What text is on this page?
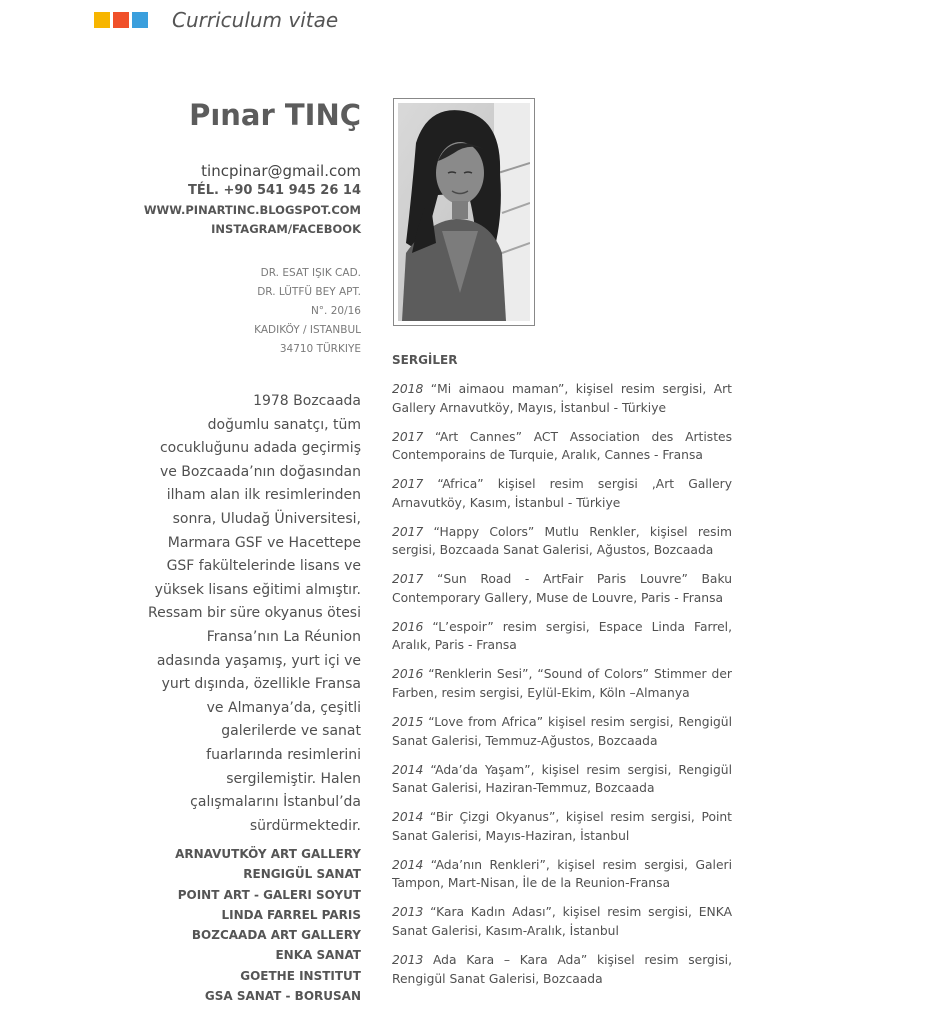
Curriculum vitae
Pınar TINÇ
tincpinar@gmail.com
TÉL. +90 541 945 26 14
WWW.PINARTINC.BLOGSPOT.COM
INSTAGRAM/FACEBOOK
DR. ESAT IŞIK CAD.
DR. LÜTFÜ BEY APT.
N°. 20/16
KADIKÖY / ISTANBUL
34710 TÜRKIYE
1978 Bozcaada
doğumlu sanatçı, tüm
cocukluğunu adada geçirmiş
ve Bozcaada’nın doğasından
ilham alan ilk resimlerinden
sonra, Uludağ Üniversitesi,
Marmara GSF ve Hacettepe
GSF fakültelerinde lisans ve
yüksek lisans eğitimi almıştır.
Ressam bir süre okyanus ötesi
Fransa’nın La Réunion
adasında yaşamış, yurt içi ve
yurt dışında, özellikle Fransa
ve Almanya’da, çeşitli
galerilerde ve sanat
fuarlarında resimlerini
sergilemiştir. Halen
çalışmalarını İstanbul’da
sürdürmektedir.
ARNAVUTKÖY ART GALLERY
RENGIGÜL SANAT
POINT ART - GALERI SOYUT
LINDA FARREL PARIS
BOZCAADA ART GALLERY
ENKA SANAT
GOETHE INSTITUT
GSA SANAT - BORUSAN
SERGİLER
2018 “Mi aimaou maman”, kişisel resim sergisi, Art Gallery Arnavutköy, Mayıs, İstanbul - Türkiye
2017 “Art Cannes” ACT Association des Artistes Contemporains de Turquie, Aralık, Cannes - Fransa
2017 “Africa” kişisel resim sergisi ,Art Gallery Arnavutköy, Kasım, İstanbul - Türkiye
2017 “Happy Colors” Mutlu Renkler, kişisel resim sergisi, Bozcaada Sanat Galerisi, Ağustos, Bozcaada
2017 “Sun Road - ArtFair Paris Louvre” Baku Contemporary Gallery, Muse de Louvre, Paris - Fransa
2016 “L’espoir” resim sergisi, Espace Linda Farrel, Aralık, Paris - Fransa
2016 “Renklerin Sesi”, “Sound of Colors” Stimmer der Farben, resim sergisi, Eylül-Ekim, Köln –Almanya
2015 “Love from Africa” kişisel resim sergisi, Rengigül Sanat Galerisi, Temmuz-Ağustos, Bozcaada
2014 “Ada’da Yaşam”, kişisel resim sergisi, Rengigül Sanat Galerisi, Haziran-Temmuz, Bozcaada
2014 “Bir Çizgi Okyanus”, kişisel resim sergisi, Point Sanat Galerisi, Mayıs-Haziran, İstanbul
2014 “Ada’nın Renkleri”, kişisel resim sergisi, Galeri Tampon, Mart-Nisan, İle de la Reunion-Fransa
2013 “Kara Kadın Adası”, kişisel resim sergisi, ENKA Sanat Galerisi, Kasım-Aralık, İstanbul
2013 Ada Kara – Kara Ada” kişisel resim sergisi, Rengigül Sanat Galerisi, Bozcaada
